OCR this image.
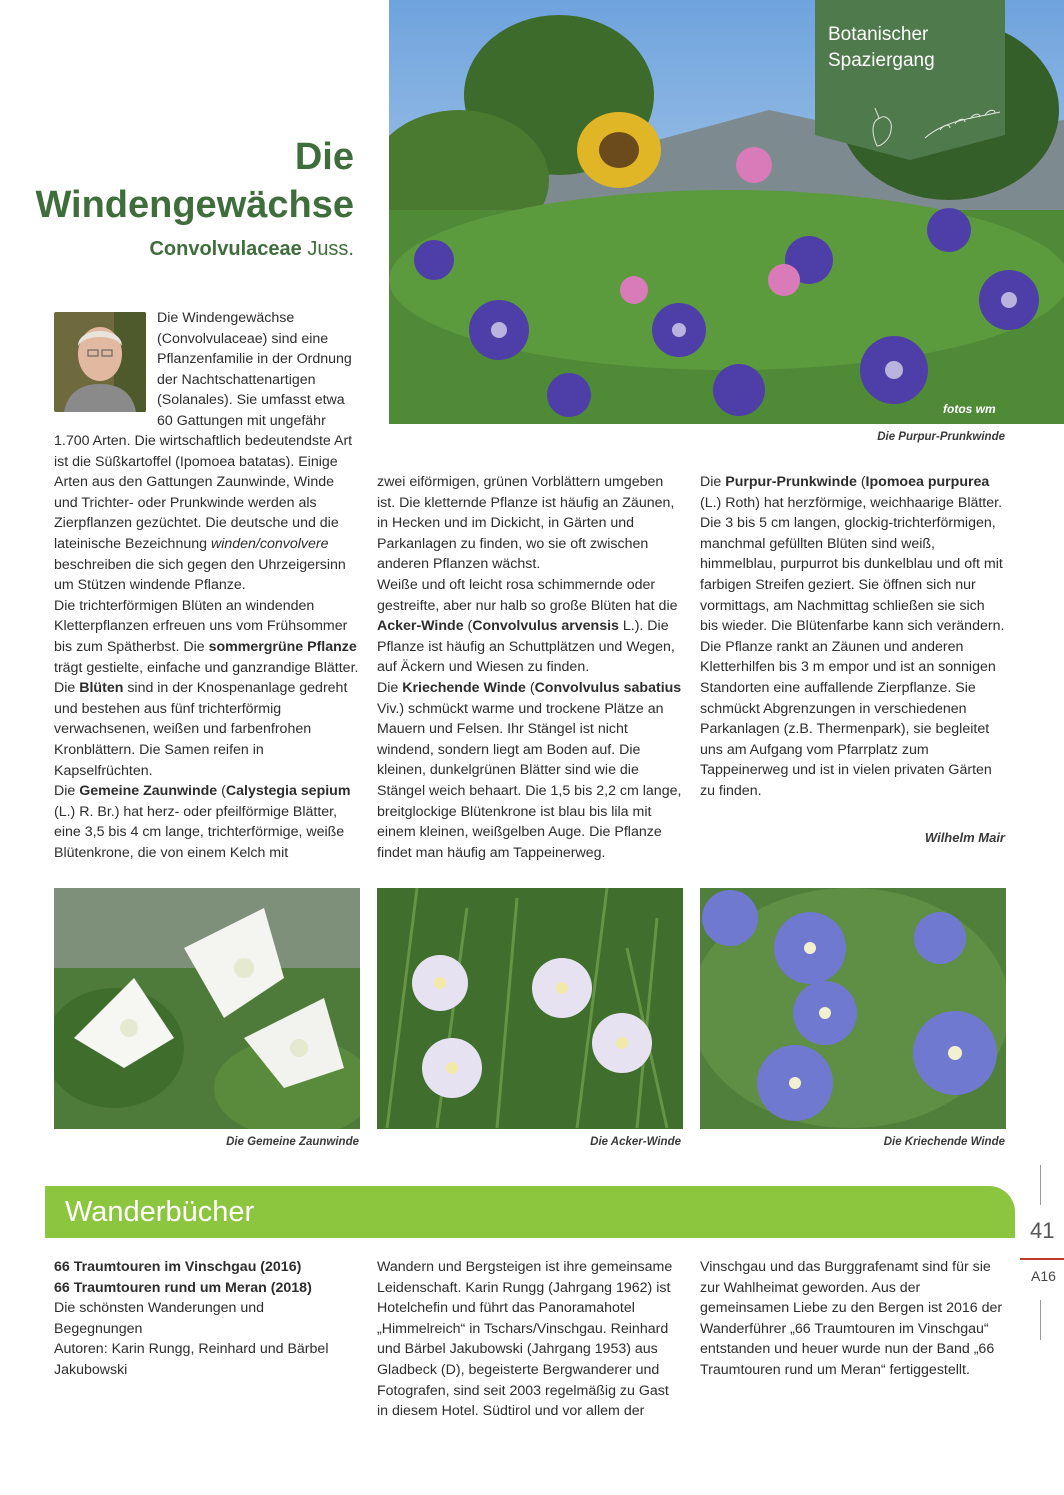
Die
Windengewächse
Convolvulaceae Juss.
fotos wm
Die Purpur-Prunkwinde
Botanischer
Spaziergang
Die Windengewächse (Convolvulaceae) sind eine Pflanzenfamilie in der Ordnung der Nachtschattenartigen (Solanales). Sie umfasst etwa 60 Gattungen mit ungefähr

1.700 Arten. Die wirtschaftlich bedeutendste Art ist die Süßkartoffel (Ipomoea batatas). Einige Arten aus den Gattungen Zaunwinde, Winde und Trichter- oder Prunkwinde werden als Zierpflanzen gezüchtet. Die deutsche und die lateinische Bezeichnung winden/convolvere beschreiben die sich gegen den Uhrzeigersinn um Stützen windende Pflanze.

Die trichterförmigen Blüten an windenden Kletterpflanzen erfreuen uns vom Frühsommer bis zum Spätherbst. Die sommergrüne Pflanze trägt gestielte, einfache und ganzrandige Blätter. Die Blüten sind in der Knospenanlage gedreht und bestehen aus fünf trichterförmig verwachsenen, weißen und farbenfrohen Kronblättern. Die Samen reifen in Kapselfrüchten.

Die Gemeine Zaunwinde (Calystegia sepium (L.) R. Br.) hat herz- oder pfeilförmige Blätter, eine 3,5 bis 4 cm lange, trichterförmige, weiße Blütenkrone, die von einem Kelch mit

zwei eiförmigen, grünen Vorblättern umgeben ist. Die kletternde Pflanze ist häufig an Zäunen, in Hecken und im Dickicht, in Gärten und Parkanlagen zu finden, wo sie oft zwischen anderen Pflanzen wächst.

Weiße und oft leicht rosa schimmernde oder gestreifte, aber nur halb so große Blüten hat die Acker-Winde (Convolvulus arvensis L.). Die Pflanze ist häufig an Schuttplätzen und Wegen, auf Äckern und Wiesen zu finden.

Die Kriechende Winde (Convolvulus sabatius Viv.) schmückt warme und trockene Plätze an Mauern und Felsen. Ihr Stängel ist nicht windend, sondern liegt am Boden auf. Die kleinen, dunkelgrünen Blätter sind wie die Stängel weich behaart. Die 1,5 bis 2,2 cm lange, breitglockige Blütenkrone ist blau bis lila mit einem kleinen, weißgelben Auge. Die Pflanze findet man häufig am Tappeinerweg.

Die Purpur-Prunkwinde (Ipomoea purpurea (L.) Roth) hat herzförmige, weichhaarige Blätter. Die 3 bis 5 cm langen, glockig-trichterförmigen, manchmal gefüllten Blüten sind weiß, himmelblau, purpurrot bis dunkelblau und oft mit farbigen Streifen geziert. Sie öffnen sich nur vormittags, am Nachmittag schließen sie sich bis wieder. Die Blütenfarbe kann sich verändern. Die Pflanze rankt an Zäunen und anderen Kletterhilfen bis 3 m empor und ist an sonnigen Standorten eine auffallende Zierpflanze. Sie schmückt Abgrenzungen in verschiedenen Parkanlagen (z.B. Thermenpark), sie begleitet uns am Aufgang vom Pfarrplatz zum Tappeinerweg und ist in vielen privaten Gärten zu finden.

Wilhelm Mair
Die Gemeine Zaunwinde	Die Acker-Winde	Die Kriechende Winde
Wanderbücher

66 Traumtouren im Vinschgau (2016)

66 Traumtouren rund um Meran (2018)

Die schönsten Wanderungen und Begegnungen

Autoren: Karin Rungg, Reinhard und Bärbel Jakubowski

Wandern und Bergsteigen ist ihre gemeinsame Leidenschaft. Karin Rungg (Jahrgang 1962) ist Hotelchefin und führt das Panoramahotel „Himmelreich“ in Tschars/Vinschgau. Reinhard und Bärbel Jakubowski (Jahrgang 1953) aus Gladbeck (D), begeisterte Bergwanderer und Fotografen, sind seit 2003 regelmäßig zu Gast in diesem Hotel. Südtirol und vor allem der
Vinschgau und das Burggrafenamt sind für sie zur Wahlheimat geworden. Aus der gemeinsamen Liebe zu den Bergen ist 2016 der Wanderführer „66 Traumtouren im Vinschgau“ entstanden und heuer wurde nun der Band „66 Traumtouren rund um Meran“ fertiggestellt.
41
A16
